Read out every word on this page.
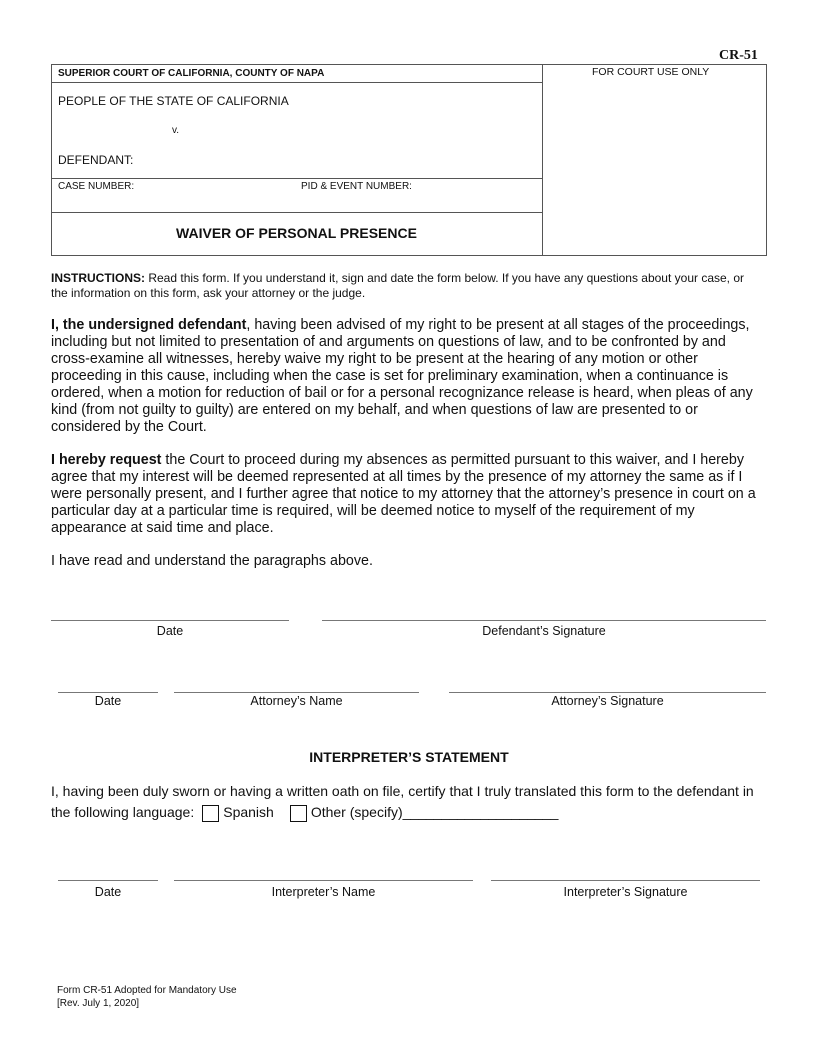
CR-51
SUPERIOR COURT OF CALIFORNIA, COUNTY OF NAPA	FOR COURT USE ONLY
PEOPLE OF THE STATE OF CALIFORNIA
v.
DEFENDANT:
CASE NUMBER:	PID & EVENT NUMBER:
WAIVER OF PERSONAL PRESENCE
INSTRUCTIONS: Read this form. If you understand it, sign and date the form below. If you have any questions about your case, or the information on this form, ask your attorney or the judge.
I, the undersigned defendant, having been advised of my right to be present at all stages of the proceedings, including but not limited to presentation of and arguments on questions of law, and to be confronted by and cross-examine all witnesses, hereby waive my right to be present at the hearing of any motion or other proceeding in this cause, including when the case is set for preliminary examination, when a continuance is ordered, when a motion for reduction of bail or for a personal recognizance release is heard, when pleas of any kind (from not guilty to guilty) are entered on my behalf, and when questions of law are presented to or considered by the Court.
I hereby request the Court to proceed during my absences as permitted pursuant to this waiver, and I hereby agree that my interest will be deemed represented at all times by the presence of my attorney the same as if I were personally present, and I further agree that notice to my attorney that the attorney’s presence in court on a particular day at a particular time is required, will be deemed notice to myself of the requirement of my appearance at said time and place.
I have read and understand the paragraphs above.
Date	Defendant’s Signature
Date	Attorney’s Name	Attorney’s Signature
INTERPRETER’S STATEMENT
I, having been duly sworn or having a written oath on file, certify that I truly translated this form to the defendant in the following language: Spanish	Other (specify)____________________
Date	Interpreter’s Name	Interpreter’s Signature
Form CR-51 Adopted for Mandatory Use
[Rev. July 1, 2020]
